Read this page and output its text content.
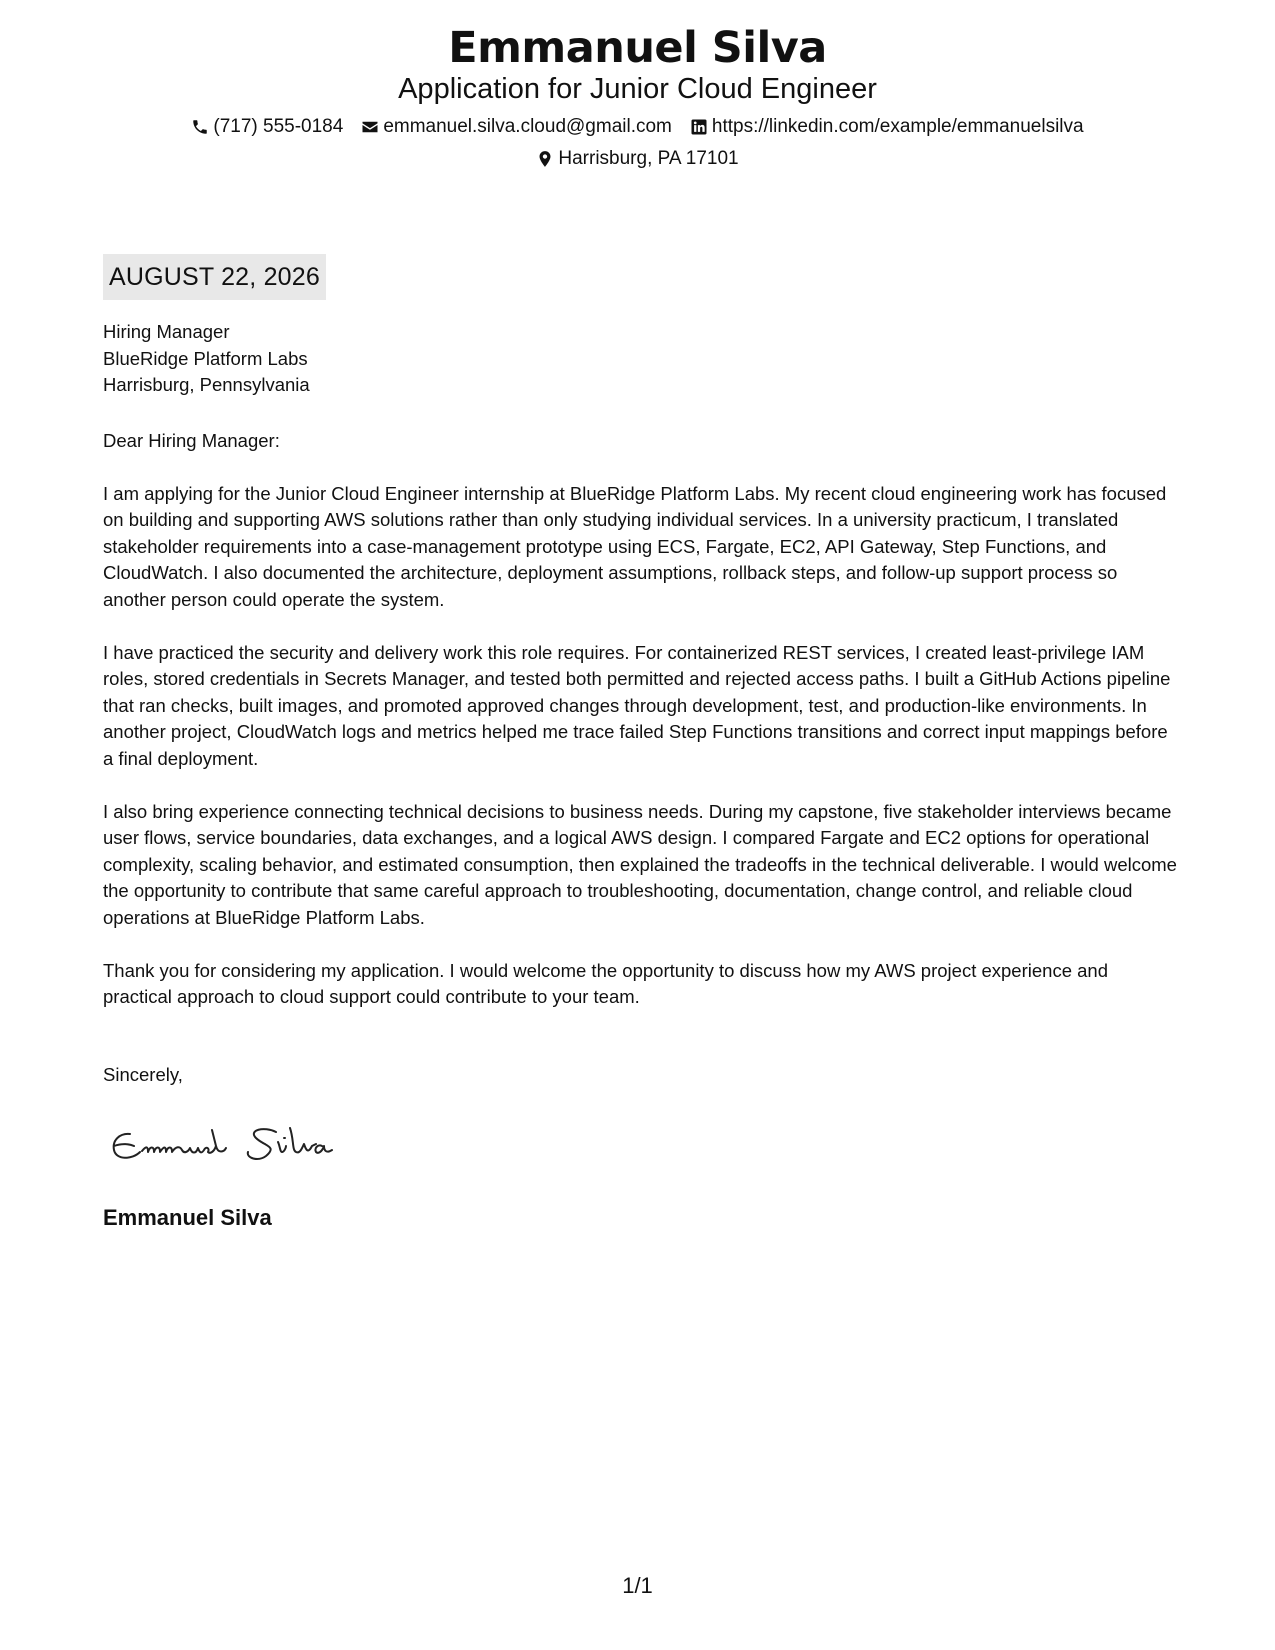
Emmanuel Silva
Application for Junior Cloud Engineer
(717) 555-0184 emmanuel.silva.cloud@gmail.com https://linkedin.com/example/emmanuelsilva
Harrisburg, PA 17101
AUGUST 22, 2026
Hiring Manager
BlueRidge Platform Labs
Harrisburg, Pennsylvania

Dear Hiring Manager:

I am applying for the Junior Cloud Engineer internship at BlueRidge Platform Labs. My recent cloud engineering work has focused on building and supporting AWS solutions rather than only studying individual services. In a university practicum, I translated stakeholder requirements into a case-management prototype using ECS, Fargate, EC2, API Gateway, Step Functions, and CloudWatch. I also documented the architecture, deployment assumptions, rollback steps, and follow-up support process so another person could operate the system.

I have practiced the security and delivery work this role requires. For containerized REST services, I created least-privilege IAM roles, stored credentials in Secrets Manager, and tested both permitted and rejected access paths. I built a GitHub Actions pipeline that ran checks, built images, and promoted approved changes through development, test, and production-like environments. In another project, CloudWatch logs and metrics helped me trace failed Step Functions transitions and correct input mappings before a final deployment.

I also bring experience connecting technical decisions to business needs. During my capstone, five stakeholder interviews became user flows, service boundaries, data exchanges, and a logical AWS design. I compared Fargate and EC2 options for operational complexity, scaling behavior, and estimated consumption, then explained the tradeoffs in the technical deliverable. I would welcome the opportunity to contribute that same careful approach to troubleshooting, documentation, change control, and reliable cloud operations at BlueRidge Platform Labs.

Thank you for considering my application. I would welcome the opportunity to discuss how my AWS project experience and practical approach to cloud support could contribute to your team.

Sincerely,
Emmanuel Silva
1/1
